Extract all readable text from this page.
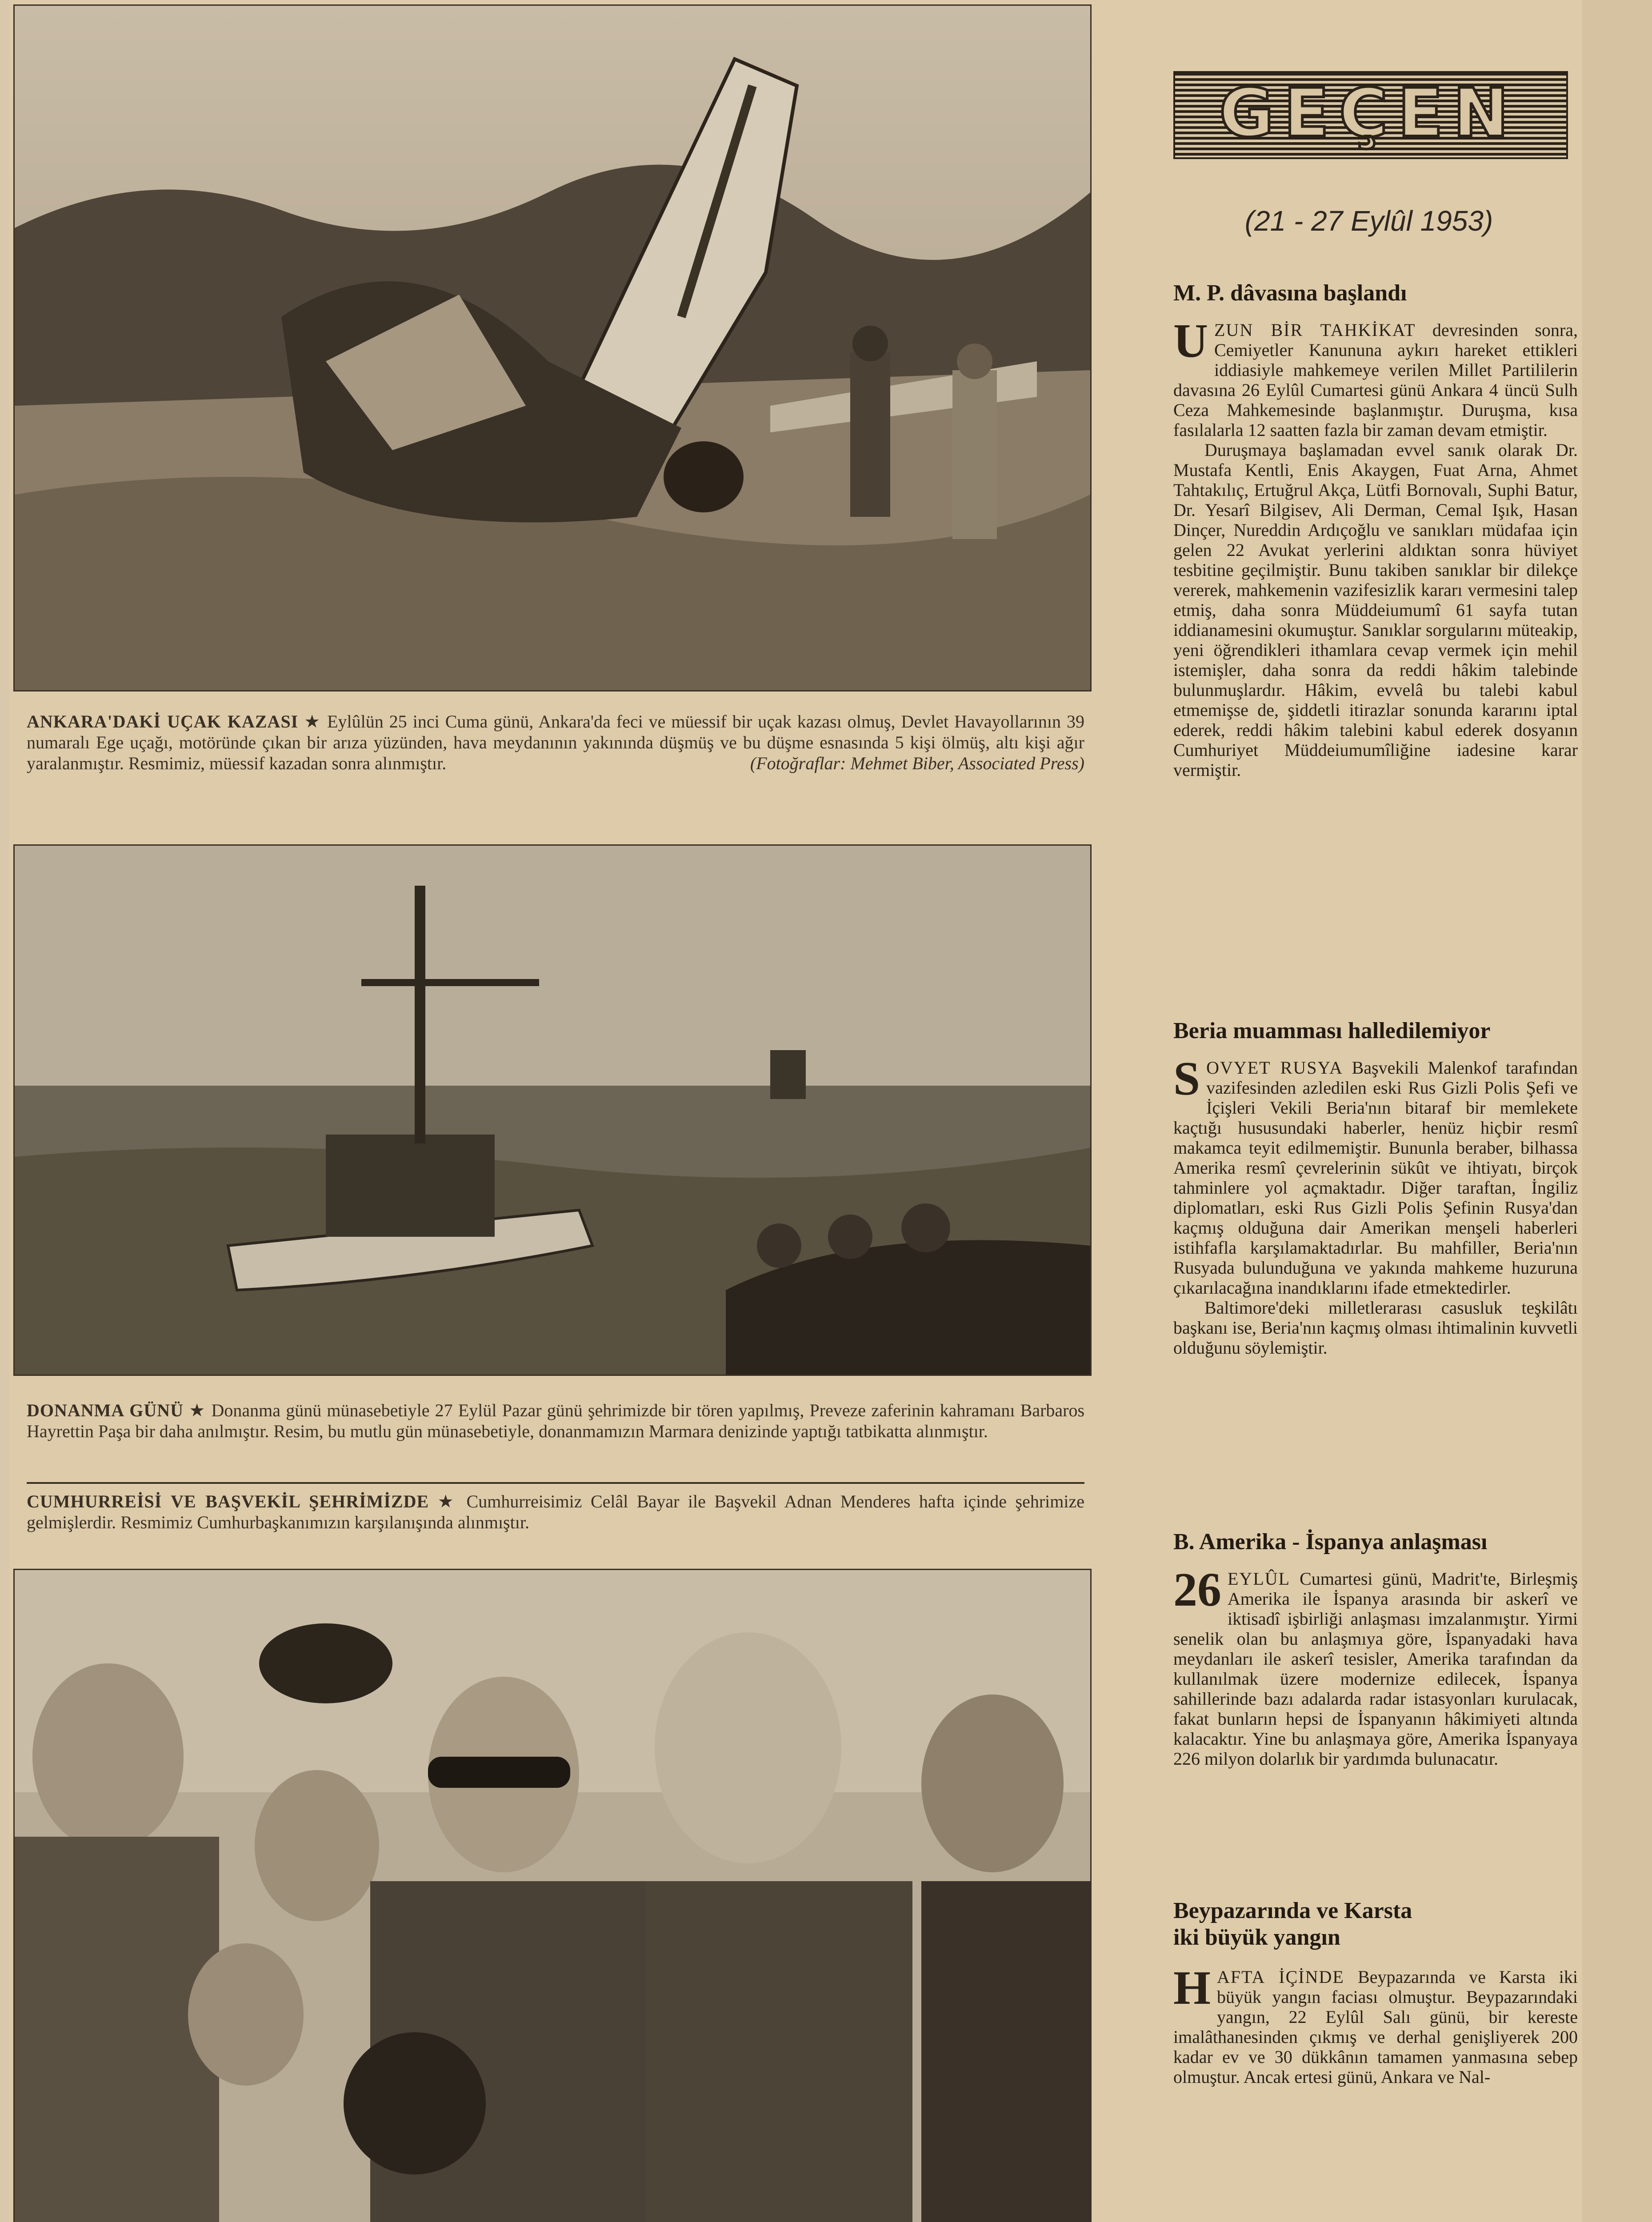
ANKARA'DAKİ UÇAK KAZASI ★ Eylûlün 25 inci Cuma günü, Ankara'da feci ve müessif bir uçak kazası olmuş, Devlet Havayollarının 39 numaralı Ege uçağı, motöründe çıkan bir arıza yüzünden, hava meydanının yakınında düşmüş ve bu düşme esnasında 5 kişi ölmüş, altı kişi ağır yaralanmıştır. Resmimiz, müessif kazadan sonra alınmıştır.	(Fotoğraflar: Mehmet Biber, Associated Press)
DONANMA GÜNÜ ★ Donanma günü münasebetiyle 27 Eylül Pazar günü şehrimizde bir tören yapılmış, Preveze zaferinin kahramanı Barbaros Hayrettin Paşa bir daha anılmıştır. Resim, bu mutlu gün münasebetiyle, donanmamızın Marmara denizinde yaptığı tatbikatta alınmıştır.
CUMHURREİSİ VE BAŞVEKİL ŞEHRİMİZDE ★ Cumhurreisimiz Celâl Bayar ile Başvekil Adnan Menderes hafta içinde şehrimize gelmişlerdir. Resmimiz Cumhurbaşkanımızın karşılanışında alınmıştır.
GEÇEN
(21 - 27 Eylûl 1953)
M. P. dâvasına başlandı

UZUN BİR TAHKİKAT devresinden sonra, Cemiyetler Kanununa aykırı hareket ettikleri iddiasiyle mahkemeye verilen Millet Partililerin davasına 26 Eylûl Cumartesi günü Ankara 4 üncü Sulh Ceza Mahkemesinde başlanmıştır. Duruşma, kısa fasılalarla 12 saatten fazla bir zaman devam etmiştir.

Duruşmaya başlamadan evvel sanık olarak Dr. Mustafa Kentli, Enis Akaygen, Fuat Arna, Ahmet Tahtakılıç, Ertuğrul Akça, Lütfi Bornovalı, Suphi Batur, Dr. Yesarî Bilgisev, Ali Derman, Cemal Işık, Hasan Dinçer, Nureddin Ardıçoğlu ve sanıkları müdafaa için gelen 22 Avukat yerlerini aldıktan sonra hüviyet tesbitine geçilmiştir. Bunu takiben sanıklar bir dilekçe vererek, mahkemenin vazifesizlik kararı vermesini talep etmiş, daha sonra Müddeiumumî 61 sayfa tutan iddianamesini okumuştur. Sanıklar sorgularını müteakip, yeni öğrendikleri ithamlara cevap vermek için mehil istemişler, daha sonra da reddi hâkim talebinde bulunmuşlardır. Hâkim, evvelâ bu talebi kabul etmemişse de, şiddetli itirazlar sonunda kararını iptal ederek, reddi hâkim talebini kabul ederek dosyanın Cumhuriyet Müddeiumumîliğine iadesine karar vermiştir.

Beria muamması halledilemiyor

SOVYET RUSYA Başvekili Malenkof tarafından vazifesinden azledilen eski Rus Gizli Polis Şefi ve İçişleri Vekili Beria'nın bitaraf bir memlekete kaçtığı hususundaki haberler, henüz hiçbir resmî makamca teyit edilmemiştir. Bununla beraber, bilhassa Amerika resmî çevrelerinin sükût ve ihtiyatı, birçok tahminlere yol açmaktadır. Diğer taraftan, İngiliz diplomatları, eski Rus Gizli Polis Şefinin Rusya'dan kaçmış olduğuna dair Amerikan menşeli haberleri istihfafla karşılamaktadırlar. Bu mahfiller, Beria'nın Rusyada bulunduğuna ve yakında mahkeme huzuruna çıkarılacağına inandıklarını ifade etmektedirler.

Baltimore'deki milletlerarası casusluk teşkilâtı başkanı ise, Beria'nın kaçmış olması ihtimalinin kuvvetli olduğunu söylemiştir.

B. Amerika - İspanya anlaşması

26 EYLÛL Cumartesi günü, Madrit'te, Birleşmiş Amerika ile İspanya arasında bir askerî ve iktisadî işbirliği anlaşması imzalanmıştır. Yirmi senelik olan bu anlaşmıya göre, İspanyadaki hava meydanları ile askerî tesisler, Amerika tarafından da kullanılmak üzere modernize edilecek, İspanya sahillerinde bazı adalarda radar istasyonları kurulacak, fakat bunların hepsi de İspanyanın hâkimiyeti altında kalacaktır. Yine bu anlaşmaya göre, Amerika İspanyaya 226 milyon dolarlık bir yardımda bulunacatır.

Beypazarında ve Karsta
iki büyük yangın

HAFTA İÇİNDE Beypazarında ve Karsta iki büyük yangın faciası olmuştur. Beypazarındaki yangın, 22 Eylûl Salı günü, bir kereste imalâthanesinden çıkmış ve derhal genişliyerek 200 kadar ev ve 30 dükkânın tamamen yanmasına sebep olmuştur. Ancak ertesi günü, Ankara ve Nal-
